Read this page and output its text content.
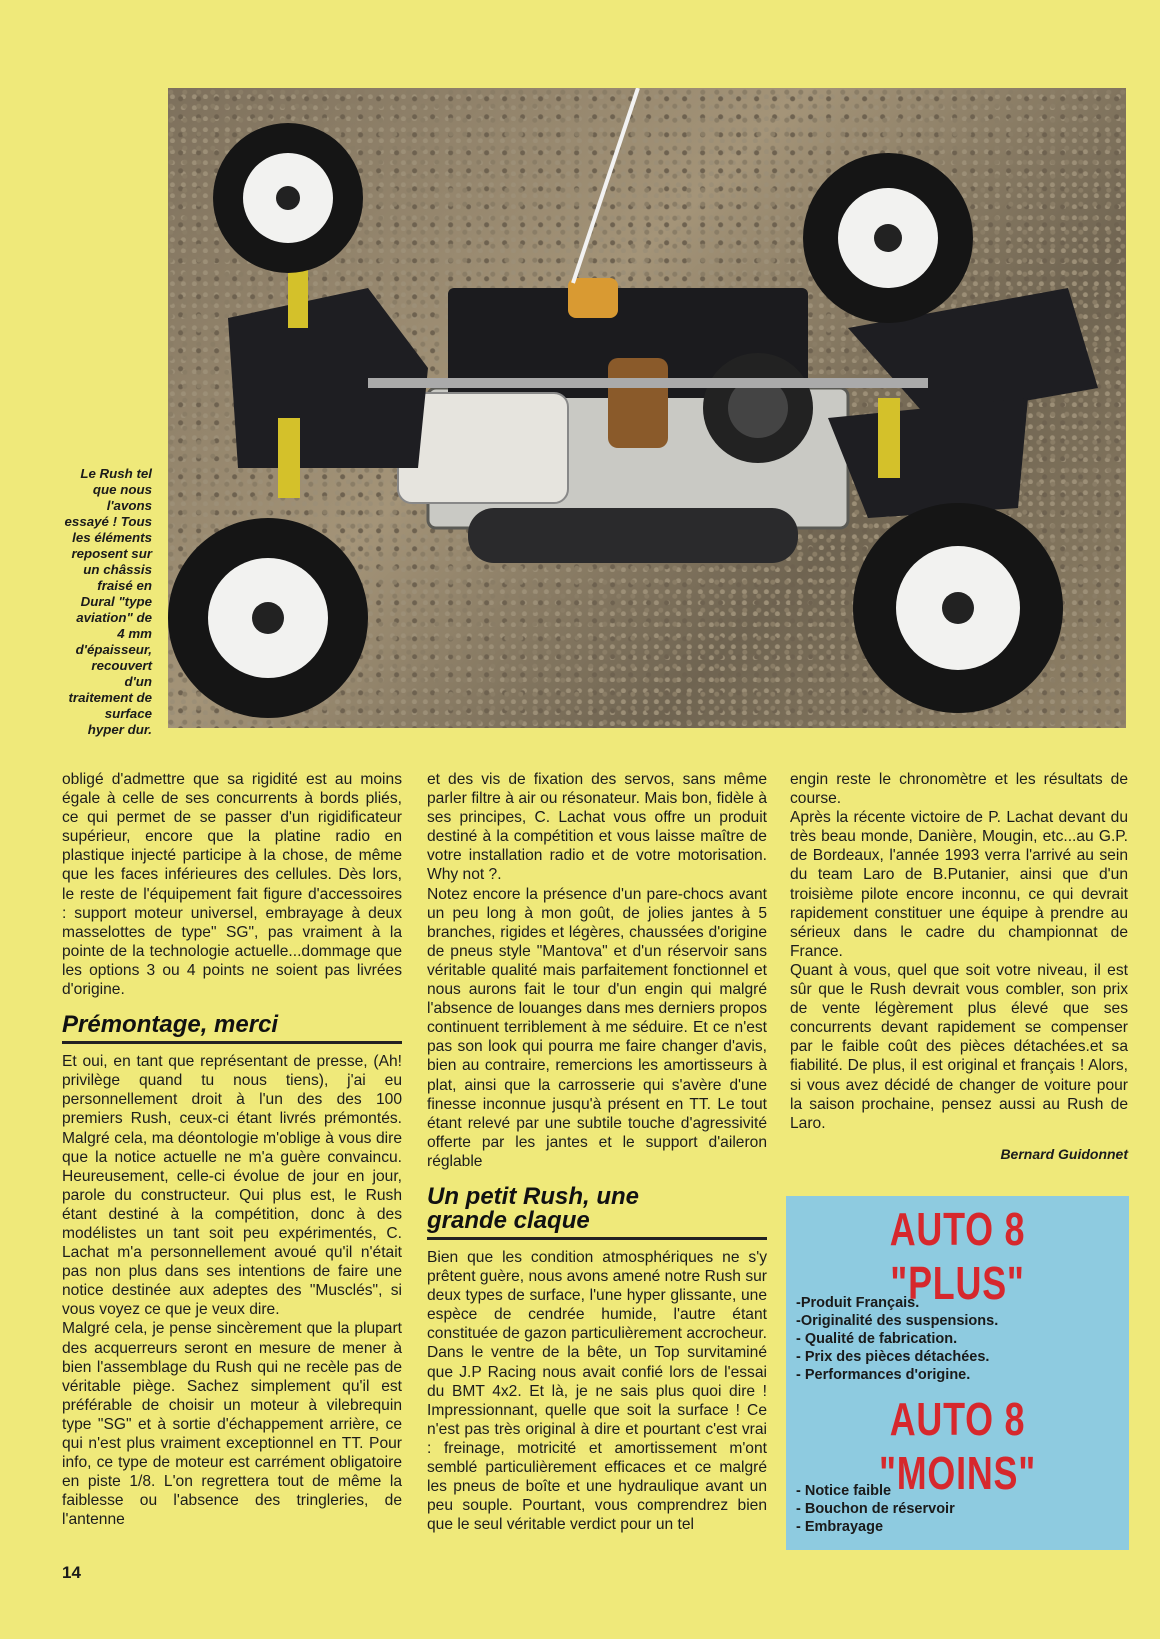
Le Rush tel
que nous
l'avons
essayé ! Tous
les éléments
reposent sur
un châssis
fraisé en
Dural "type
aviation" de
4 mm
d'épaisseur,
recouvert
d'un
traitement de
surface
hyper dur.

obligé d'admettre que sa rigidité est au moins égale à celle de ses concurrents à bords pliés, ce qui permet de se passer d'un rigidificateur supérieur, encore que la platine radio en plastique injecté participe à la chose, de même que les faces inférieures des cellules. Dès lors, le reste de l'équipement fait figure d'accessoires : support moteur universel, embrayage à deux masselottes de type" SG", pas vraiment à la pointe de la technologie actuelle...dommage que les options 3 ou 4 points ne soient pas livrées d'origine.

Prémontage, merci

Et oui, en tant que représentant de presse, (Ah! privilège quand tu nous tiens), j'ai eu personnellement droit à l'un des des 100 premiers Rush, ceux-ci étant livrés prémontés. Malgré cela, ma déontologie m'oblige à vous dire que la notice actuelle ne m'a guère convaincu. Heureusement, celle-ci évolue de jour en jour, parole du constructeur. Qui plus est, le Rush étant destiné à la compétition, donc à des modélistes un tant soit peu expérimentés, C. Lachat m'a personnellement avoué qu'il n'était pas non plus dans ses intentions de faire une notice destinée aux adeptes des "Musclés", si vous voyez ce que je veux dire.

Malgré cela, je pense sincèrement que la plupart des acquerreurs seront en mesure de mener à bien l'assemblage du Rush qui ne recèle pas de véritable piège. Sachez simplement qu'il est préférable de choisir un moteur à vilebrequin type "SG" et à sortie d'échappement arrière, ce qui n'est plus vraiment exceptionnel en TT. Pour info, ce type de moteur est carrément obligatoire en piste 1/8. L'on regrettera tout de même la faiblesse ou l'absence des tringleries, de l'antenne

et des vis de fixation des servos, sans même parler filtre à air ou résonateur. Mais bon, fidèle à ses principes, C. Lachat vous offre un produit destiné à la compétition et vous laisse maître de votre installation radio et de votre motorisation. Why not ?.

Notez encore la présence d'un pare-chocs avant un peu long à mon goût, de jolies jantes à 5 branches, rigides et légères, chaussées d'origine de pneus style "Mantova" et d'un réservoir sans véritable qualité mais parfaitement fonctionnel et nous aurons fait le tour d'un engin qui malgré l'absence de louanges dans mes derniers propos continuent terriblement à me séduire. Et ce n'est pas son look qui pourra me faire changer d'avis, bien au contraire, remercions les amortisseurs à plat, ainsi que la carrosserie qui s'avère d'une finesse inconnue jusqu'à présent en TT. Le tout étant relevé par une subtile touche d'agressivité offerte par les jantes et le support d'aileron réglable

Un petit Rush, une
grande claque

Bien que les condition atmosphériques ne s'y prêtent guère, nous avons amené notre Rush sur deux types de surface, l'une hyper glissante, une espèce de cendrée humide, l'autre étant constituée de gazon particulièrement accrocheur. Dans le ventre de la bête, un Top survitaminé que J.P Racing nous avait confié lors de l'essai du BMT 4x2. Et là, je ne sais plus quoi dire ! Impressionnant, quelle que soit la surface ! Ce n'est pas très original à dire et pourtant c'est vrai : freinage, motricité et amortissement m'ont semblé particulièrement efficaces et ce malgré les pneus de boîte et une hydraulique avant un peu souple. Pourtant, vous comprendrez bien que le seul véritable verdict pour un tel

engin reste le chronomètre et les résultats de course.

Après la récente victoire de P. Lachat devant du très beau monde, Danière, Mougin, etc...au G.P. de Bordeaux, l'année 1993 verra l'arrivé au sein du team Laro de B.Putanier, ainsi que d'un troisième pilote encore inconnu, ce qui devrait rapidement constituer une équipe à prendre au sérieux dans le cadre du championnat de France.

Quant à vous, quel que soit votre niveau, il est sûr que le Rush devrait vous combler, son prix de vente légèrement plus élevé que ses concurrents devant rapidement se compenser par le faible coût des pièces détachées.et sa fiabilité. De plus, il est original et français ! Alors, si vous avez décidé de changer de voiture pour la saison prochaine, pensez aussi au Rush de Laro.

Bernard Guidonnet
AUTO 8 "PLUS"
-Produit Français.
-Originalité des suspensions.
- Qualité de fabrication.
- Prix des pièces détachées.
- Performances d'origine.
AUTO 8 "MOINS"
- Notice faible
- Bouchon de réservoir
- Embrayage
14
